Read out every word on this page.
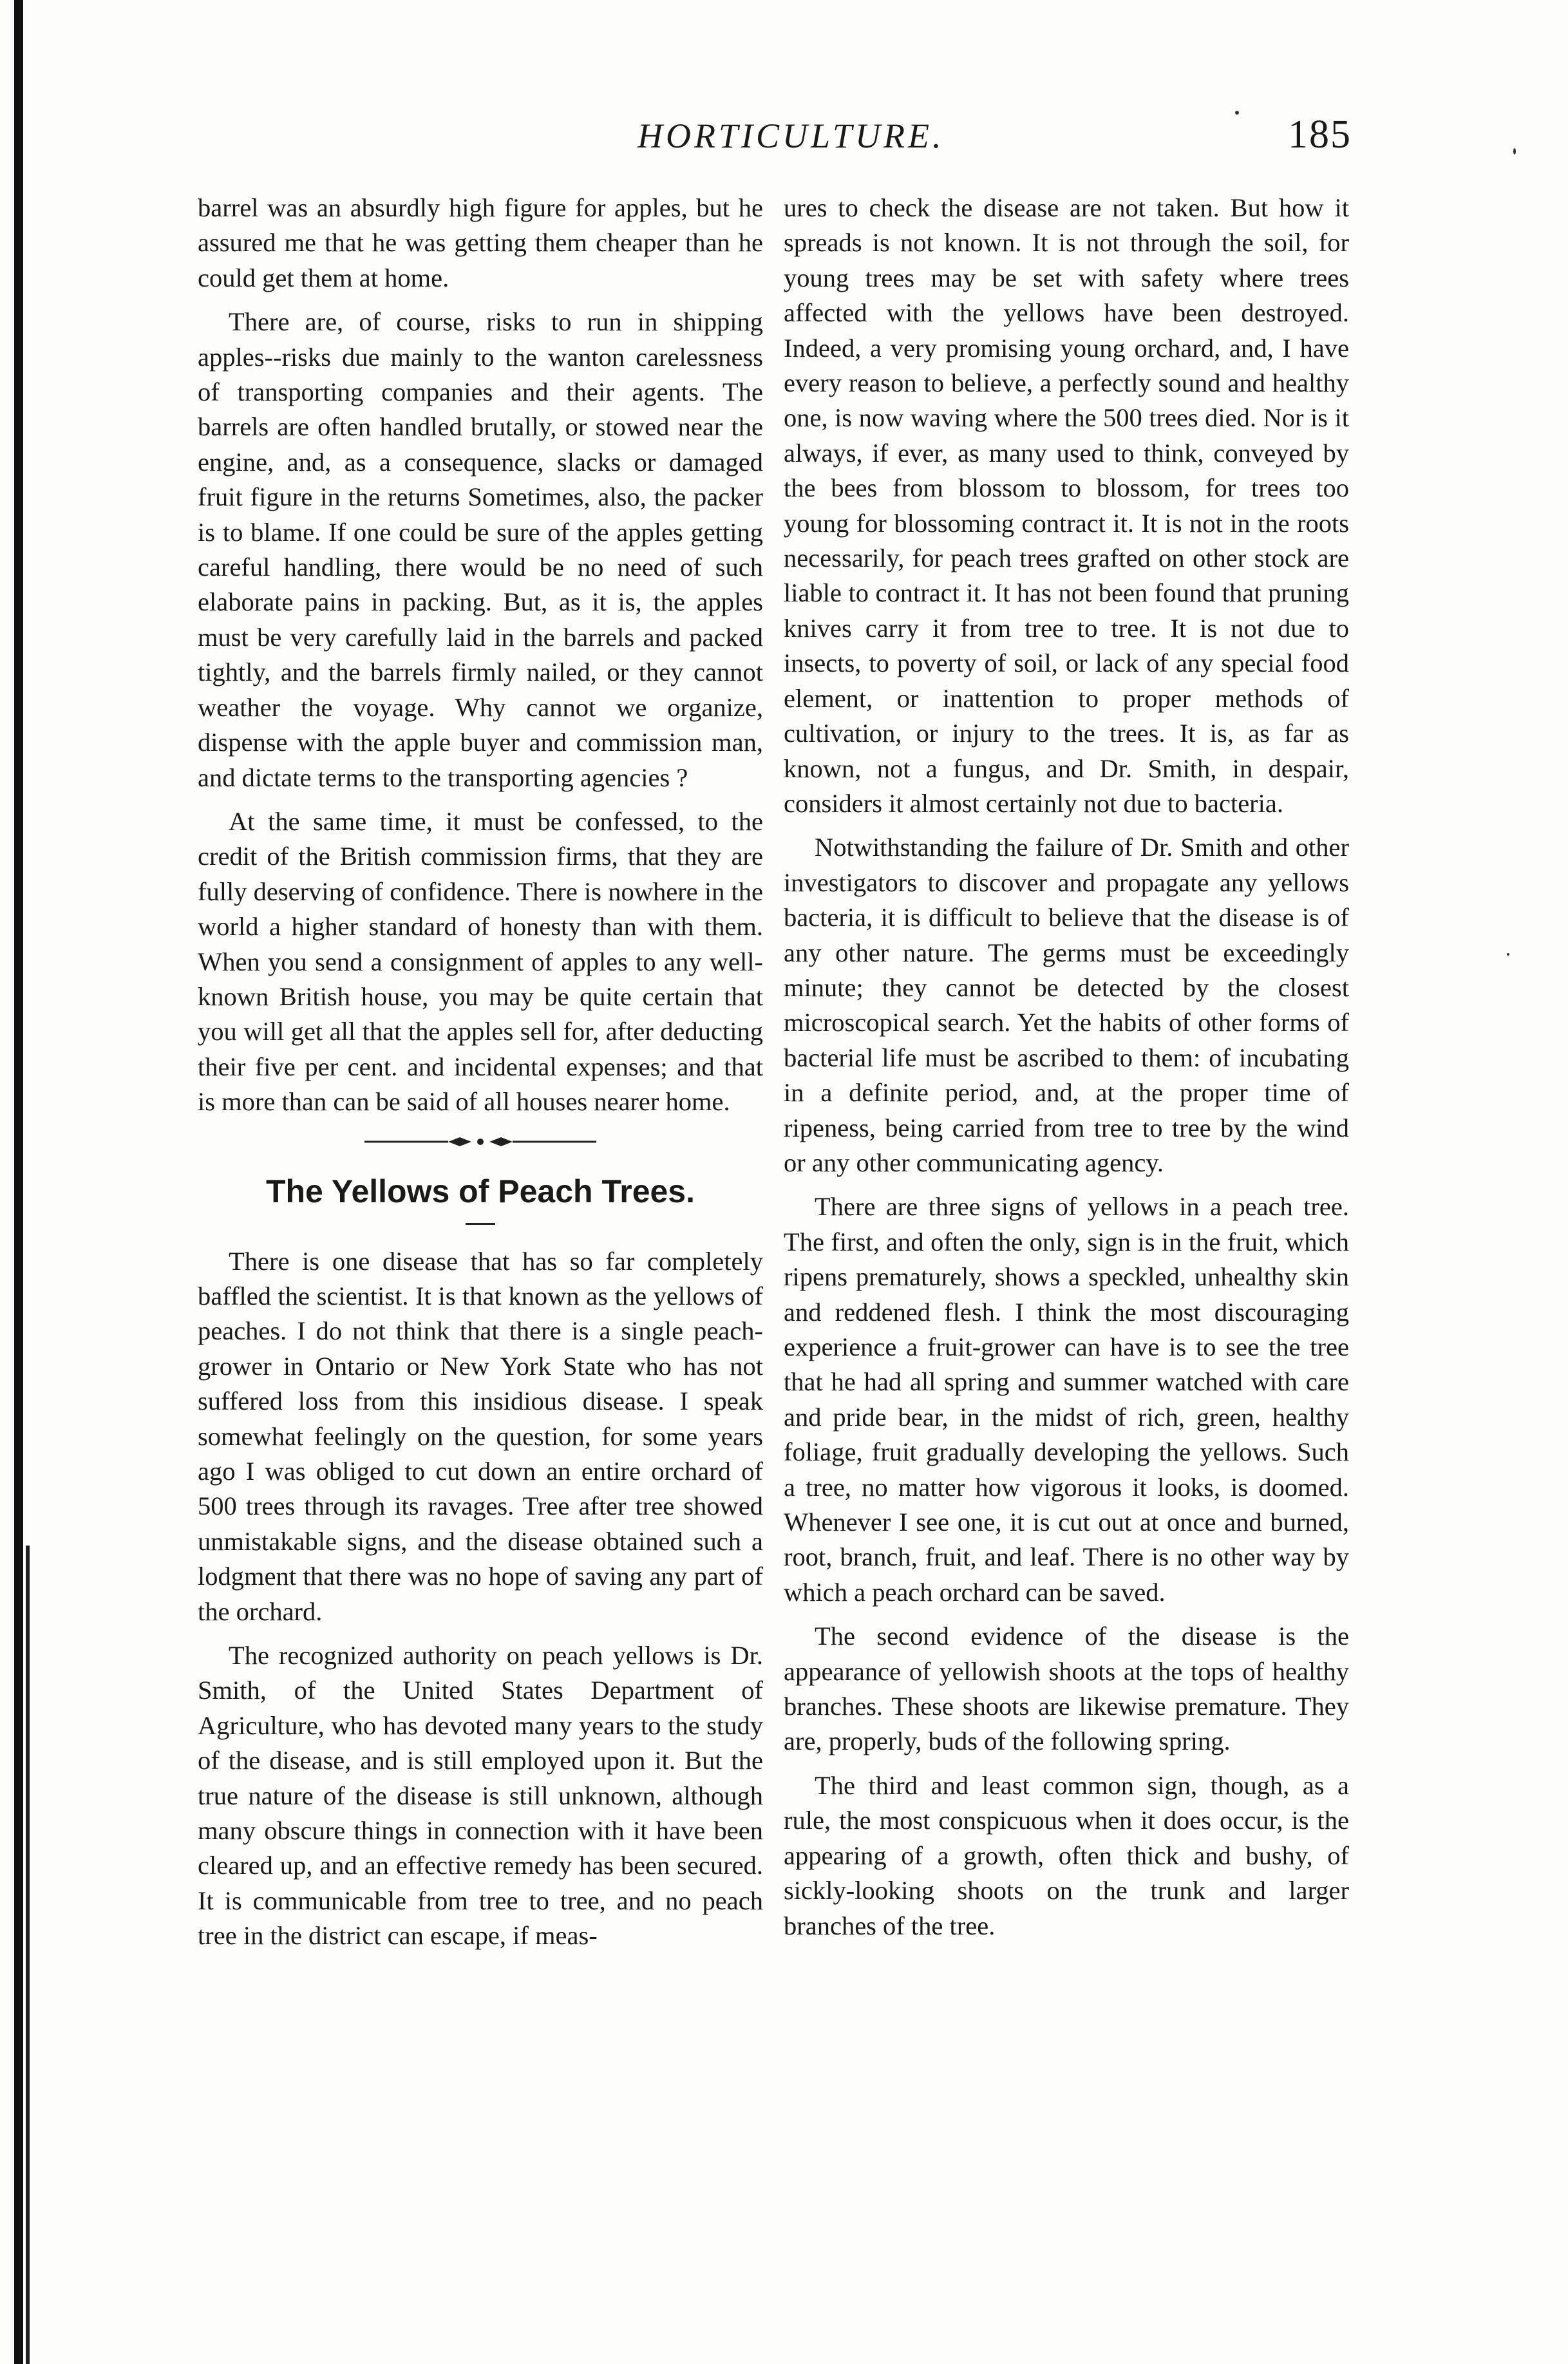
HORTICULTURE.	185

barrel was an absurdly high figure for apples, but he assured me that he was getting them cheaper than he could get them at home.

There are, of course, risks to run in shipping apples--risks due mainly to the wanton carelessness of transporting companies and their agents. The barrels are often handled brutally, or stowed near the engine, and, as a consequence, slacks or damaged fruit figure in the returns Sometimes, also, the packer is to blame. If one could be sure of the apples getting careful handling, there would be no need of such elaborate pains in packing. But, as it is, the apples must be very carefully laid in the barrels and packed tightly, and the barrels firmly nailed, or they cannot weather the voyage. Why cannot we organize, dispense with the apple buyer and commission man, and dictate terms to the transporting agencies ?

At the same time, it must be confessed, to the credit of the British commission firms, that they are fully deserving of confidence. There is nowhere in the world a higher standard of honesty than with them. When you send a consignment of apples to any well-known British house, you may be quite certain that you will get all that the apples sell for, after deducting their five per cent. and incidental expenses; and that is more than can be said of all houses nearer home.

The Yellows of Peach Trees.

There is one disease that has so far completely baffled the scientist. It is that known as the yellows of peaches. I do not think that there is a single peach-grower in Ontario or New York State who has not suffered loss from this insidious disease. I speak somewhat feelingly on the question, for some years ago I was obliged to cut down an entire orchard of 500 trees through its ravages. Tree after tree showed unmistakable signs, and the disease obtained such a lodgment that there was no hope of saving any part of the orchard.

The recognized authority on peach yellows is Dr. Smith, of the United States Department of Agriculture, who has devoted many years to the study of the disease, and is still employed upon it. But the true nature of the disease is still unknown, although many obscure things in connection with it have been cleared up, and an effective remedy has been secured. It is communicable from tree to tree, and no peach tree in the district can escape, if meas-

ures to check the disease are not taken. But how it spreads is not known. It is not through the soil, for young trees may be set with safety where trees affected with the yellows have been destroyed. Indeed, a very promising young orchard, and, I have every reason to believe, a perfectly sound and healthy one, is now waving where the 500 trees died. Nor is it always, if ever, as many used to think, conveyed by the bees from blossom to blossom, for trees too young for blossoming contract it. It is not in the roots necessarily, for peach trees grafted on other stock are liable to contract it. It has not been found that pruning knives carry it from tree to tree. It is not due to insects, to poverty of soil, or lack of any special food element, or inattention to proper methods of cultivation, or injury to the trees. It is, as far as known, not a fungus, and Dr. Smith, in despair, considers it almost certainly not due to bacteria.

Notwithstanding the failure of Dr. Smith and other investigators to discover and propagate any yellows bacteria, it is difficult to believe that the disease is of any other nature. The germs must be exceedingly minute; they cannot be detected by the closest microscopical search. Yet the habits of other forms of bacterial life must be ascribed to them: of incubating in a definite period, and, at the proper time of ripeness, being carried from tree to tree by the wind or any other communicating agency.

There are three signs of yellows in a peach tree. The first, and often the only, sign is in the fruit, which ripens prematurely, shows a speckled, unhealthy skin and reddened flesh. I think the most discouraging experience a fruit-grower can have is to see the tree that he had all spring and summer watched with care and pride bear, in the midst of rich, green, healthy foliage, fruit gradually developing the yellows. Such a tree, no matter how vigorous it looks, is doomed. Whenever I see one, it is cut out at once and burned, root, branch, fruit, and leaf. There is no other way by which a peach orchard can be saved.

The second evidence of the disease is the appearance of yellowish shoots at the tops of healthy branches. These shoots are likewise premature. They are, properly, buds of the following spring.

The third and least common sign, though, as a rule, the most conspicuous when it does occur, is the appearing of a growth, often thick and bushy, of sickly-looking shoots on the trunk and larger branches of the tree.
